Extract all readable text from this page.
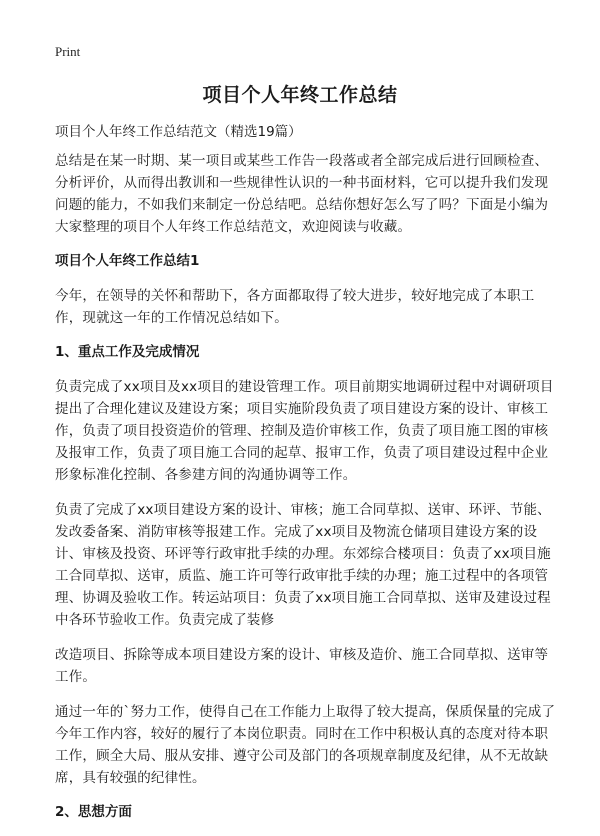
Print
项目个人年终工作总结

项目个人年终工作总结范文（精选19篇）

总结是在某一时期、某一项目或某些工作告一段落或者全部完成后进行回顾检查、分析评价，从而得出教训和一些规律性认识的一种书面材料，它可以提升我们发现问题的能力，不如我们来制定一份总结吧。总结你想好怎么写了吗？下面是小编为大家整理的项目个人年终工作总结范文，欢迎阅读与收藏。

项目个人年终工作总结1

今年，在领导的关怀和帮助下，各方面都取得了较大进步，较好地完成了本职工作，现就这一年的工作情况总结如下。

1、重点工作及完成情况

负责完成了xx项目及xx项目的建设管理工作。项目前期实地调研过程中对调研项目提出了合理化建议及建设方案；项目实施阶段负责了项目建设方案的设计、审核工作，负责了项目投资造价的管理、控制及造价审核工作，负责了项目施工图的审核及报审工作，负责了项目施工合同的起草、报审工作，负责了项目建设过程中企业形象标准化控制、各参建方间的沟通协调等工作。

负责了完成了xx项目建设方案的设计、审核；施工合同草拟、送审、环评、节能、发改委备案、消防审核等报建工作。完成了xx项目及物流仓储项目建设方案的设计、审核及投资、环评等行政审批手续的办理。东郊综合楼项目：负责了xx项目施工合同草拟、送审，质监、施工许可等行政审批手续的办理；施工过程中的各项管理、协调及验收工作。转运站项目：负责了xx项目施工合同草拟、送审及建设过程中各环节验收工作。负责完成了装修

改造项目、拆除等成本项目建设方案的设计、审核及造价、施工合同草拟、送审等工作。

通过一年的`努力工作，使得自己在工作能力上取得了较大提高，保质保量的完成了今年工作内容，较好的履行了本岗位职责。同时在工作中积极认真的态度对待本职工作，顾全大局、服从安排、遵守公司及部门的各项规章制度及纪律，从不无故缺席，具有较强的纪律性。

2、思想方面
